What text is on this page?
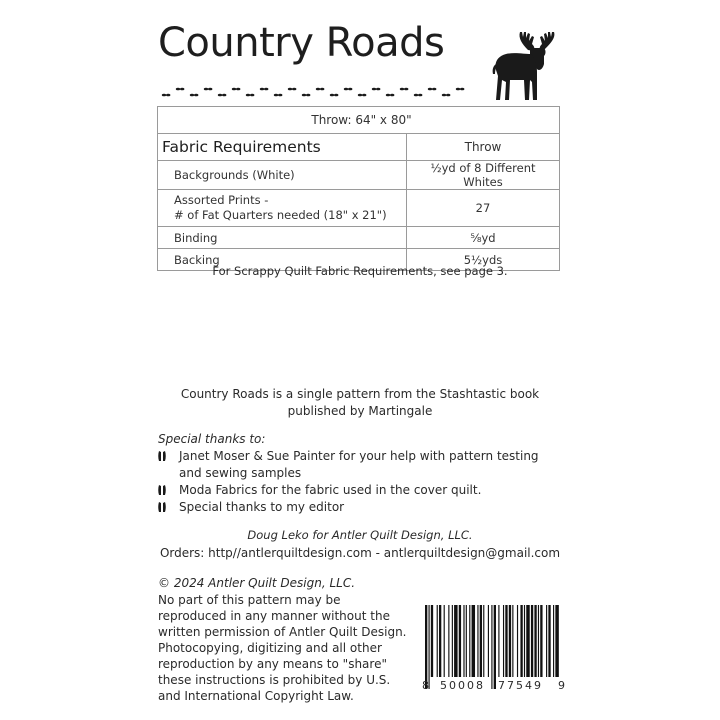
Country Roads
Throw: 64" x 80"	
Fabric Requirements	Throw
Backgrounds (White)	½yd of 8 Different Whites

Assorted Prints -
# of Fat Quarters needed (18" x 21")	27
Binding	⅝yd
Backing	5½yds

For Scrappy Quilt Fabric Requirements, see page 3.

Country Roads is a single pattern from the Stashtastic book published by Martingale

Special thanks to:

Janet Moser & Sue Painter for your help with pattern testing and sewing samples
Moda Fabrics for the fabric used in the cover quilt.
Special thanks to my editor

Doug Leko for Antler Quilt Design, LLC.

Orders: http//antlerquiltdesign.com - antlerquiltdesign@gmail.com

© 2024 Antler Quilt Design, LLC.

No part of this pattern may be reproduced in any manner without the written permission of Antler Quilt Design. Photocopying, digitizing and all other reproduction by any means to "share" these instructions is prohibited by U.S. and International Copyright Law.

8 50008 77549 9
